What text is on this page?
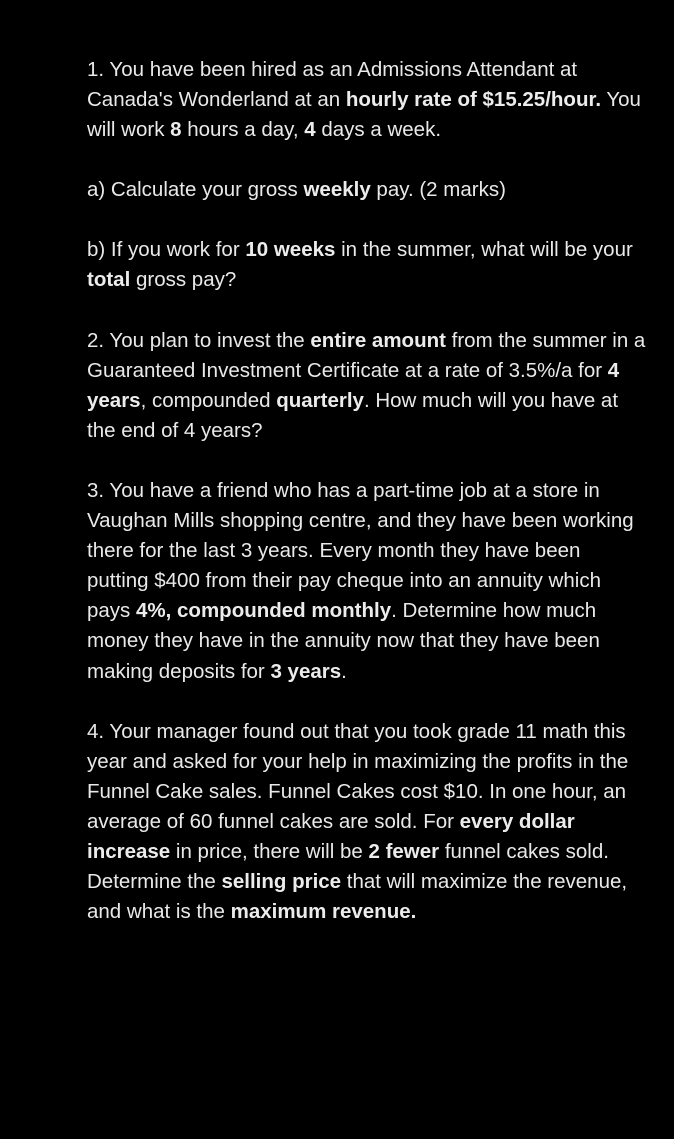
1. You have been hired as an Admissions Attendant at Canada's Wonderland at an hourly rate of $15.25/hour. You will work 8 hours a day, 4 days a week.

a) Calculate your gross weekly pay. (2 marks)

b) If you work for 10 weeks in the summer, what will be your total gross pay?

2. You plan to invest the entire amount from the summer in a Guaranteed Investment Certificate at a rate of 3.5%/a for 4 years, compounded quarterly. How much will you have at the end of 4 years?

3. You have a friend who has a part-time job at a store in Vaughan Mills shopping centre, and they have been working there for the last 3 years. Every month they have been putting $400 from their pay cheque into an annuity which pays 4%, compounded monthly. Determine how much money they have in the annuity now that they have been making deposits for 3 years.

4. Your manager found out that you took grade 11 math this year and asked for your help in maximizing the profits in the Funnel Cake sales. Funnel Cakes cost $10. In one hour, an average of 60 funnel cakes are sold. For every dollar increase in price, there will be 2 fewer funnel cakes sold.

Determine the selling price that will maximize the revenue, and what is the maximum revenue.
